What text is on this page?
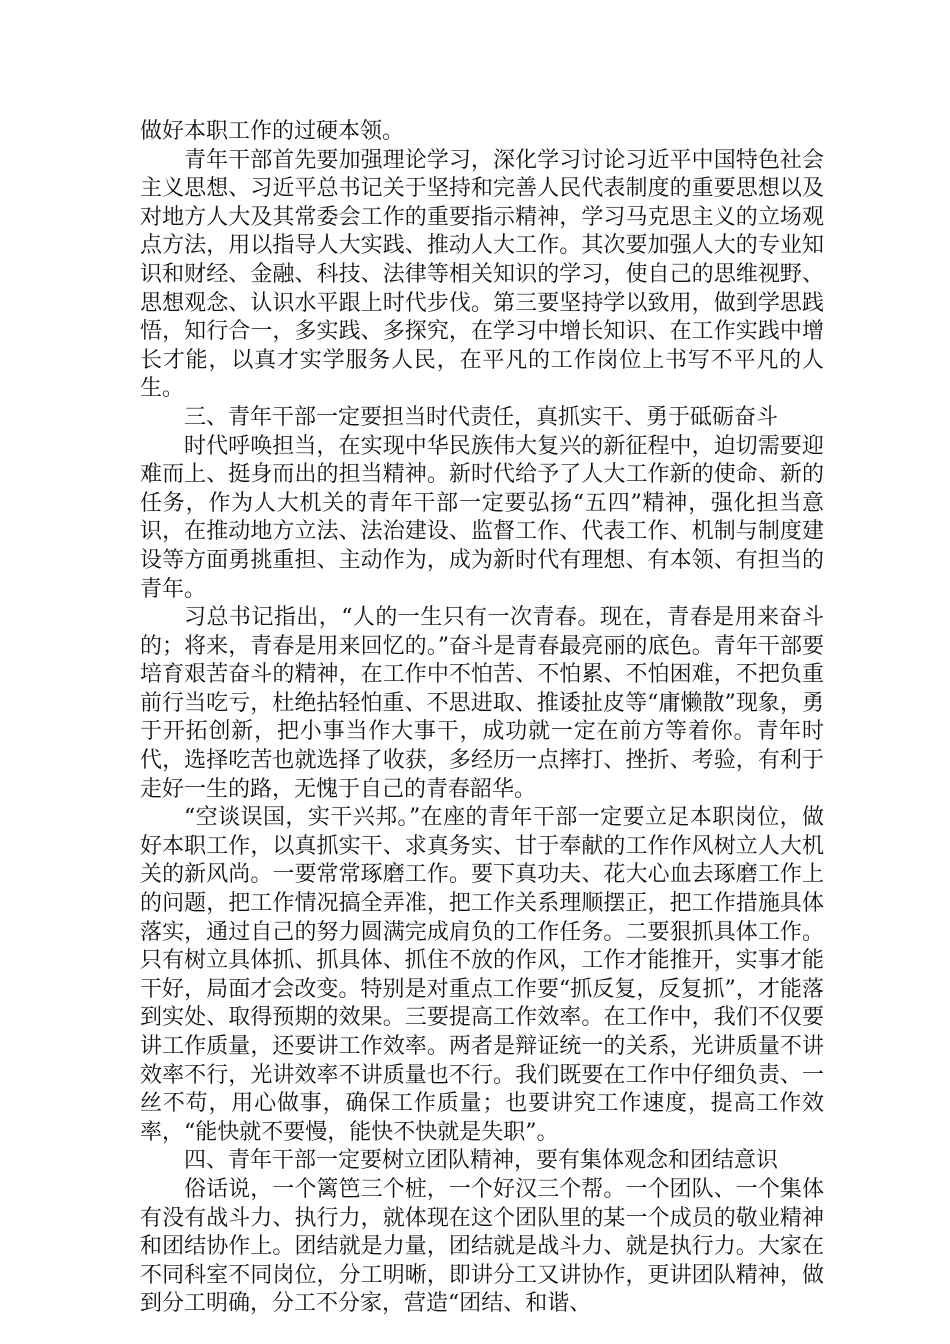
做好本职工作的过硬本领。

青年干部首先要加强理论学习，深化学习讨论习近平中国特色社会主义思想、习近平总书记关于坚持和完善人民代表制度的重要思想以及对地方人大及其常委会工作的重要指示精神，学习马克思主义的立场观点方法，用以指导人大实践、推动人大工作。其次要加强人大的专业知识和财经、金融、科技、法律等相关知识的学习，使自己的思维视野、思想观念、认识水平跟上时代步伐。第三要坚持学以致用，做到学思践悟，知行合一，多实践、多探究，在学习中增长知识、在工作实践中增长才能，以真才实学服务人民，在平凡的工作岗位上书写不平凡的人生。

三、青年干部一定要担当时代责任，真抓实干、勇于砥砺奋斗

时代呼唤担当，在实现中华民族伟大复兴的新征程中，迫切需要迎难而上、挺身而出的担当精神。新时代给予了人大工作新的使命、新的任务，作为人大机关的青年干部一定要弘扬“五四”精神，强化担当意识，在推动地方立法、法治建设、监督工作、代表工作、机制与制度建设等方面勇挑重担、主动作为，成为新时代有理想、有本领、有担当的青年。

习总书记指出，“人的一生只有一次青春。现在，青春是用来奋斗的；将来，青春是用来回忆的。”奋斗是青春最亮丽的底色。青年干部要培育艰苦奋斗的精神，在工作中不怕苦、不怕累、不怕困难，不把负重前行当吃亏，杜绝拈轻怕重、不思进取、推诿扯皮等“庸懒散”现象，勇于开拓创新，把小事当作大事干，成功就一定在前方等着你。青年时代，选择吃苦也就选择了收获，多经历一点摔打、挫折、考验，有利于走好一生的路，无愧于自己的青春韶华。

“空谈误国，实干兴邦。”在座的青年干部一定要立足本职岗位，做好本职工作，以真抓实干、求真务实、甘于奉献的工作作风树立人大机关的新风尚。一要常常琢磨工作。要下真功夫、花大心血去琢磨工作上的问题，把工作情况搞全弄准，把工作关系理顺摆正，把工作措施具体落实，通过自己的努力圆满完成肩负的工作任务。二要狠抓具体工作。只有树立具体抓、抓具体、抓住不放的作风，工作才能推开，实事才能干好，局面才会改变。特别是对重点工作要“抓反复，反复抓”，才能落到实处、取得预期的效果。三要提高工作效率。在工作中，我们不仅要讲工作质量，还要讲工作效率。两者是辩证统一的关系，光讲质量不讲效率不行，光讲效率不讲质量也不行。我们既要在工作中仔细负责、一丝不苟，用心做事，确保工作质量；也要讲究工作速度，提高工作效率，“能快就不要慢，能快不快就是失职”。

四、青年干部一定要树立团队精神，要有集体观念和团结意识

俗话说，一个篱笆三个桩，一个好汉三个帮。一个团队、一个集体有没有战斗力、执行力，就体现在这个团队里的某一个成员的敬业精神和团结协作上。团结就是力量，团结就是战斗力、就是执行力。大家在不同科室不同岗位，分工明晰，即讲分工又讲协作，更讲团队精神，做到分工明确，分工不分家，营造“团结、和谐、
